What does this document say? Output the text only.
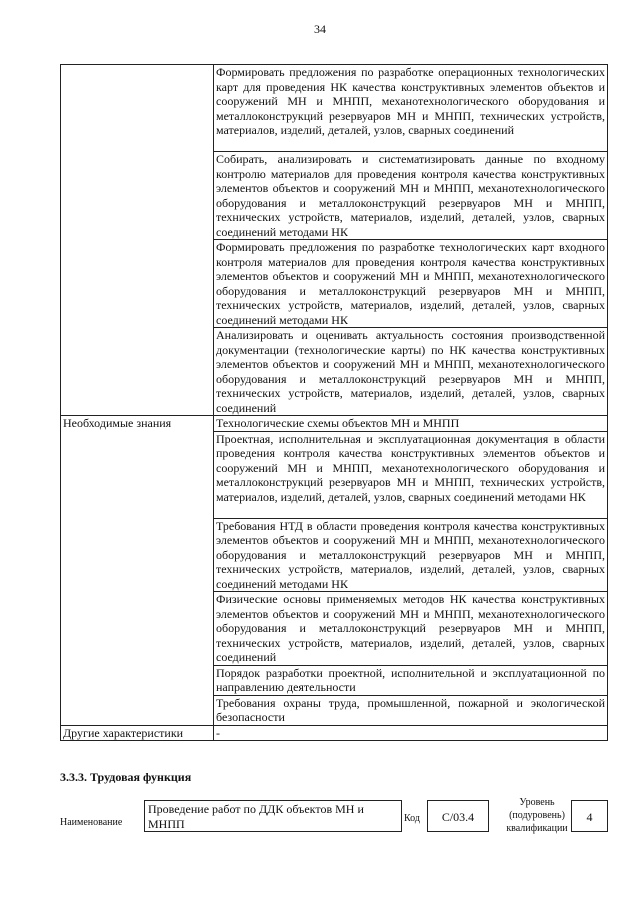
34
	Формировать предложения по разработке операционных технологических карт для проведения НК качества конструктивных элементов объектов и сооружений МН и МНПП, механотехнологического оборудования и металлоконструкций резервуаров МН и МНПП, технических устройств, материалов, изделий, деталей, узлов, сварных соединений
	Собирать, анализировать и систематизировать данные по входному контролю материалов для проведения контроля качества конструктивных элементов объектов и сооружений МН и МНПП, механотехнологического оборудования и металлоконструкций резервуаров МН и МНПП, технических устройств, материалов, изделий, деталей, узлов, сварных соединений методами НК
	Формировать предложения по разработке технологических карт входного контроля материалов для проведения контроля качества конструктивных элементов объектов и сооружений МН и МНПП, механотехнологического оборудования и металлоконструкций резервуаров МН и МНПП, технических устройств, материалов, изделий, деталей, узлов, сварных соединений методами НК
	Анализировать и оценивать актуальность состояния производственной документации (технологические карты) по НК качества конструктивных элементов объектов и сооружений МН и МНПП, механотехнологического оборудования и металлоконструкций резервуаров МН и МНПП, технических устройств, материалов, изделий, деталей, узлов, сварных соединений
Необходимые знания	Технологические схемы объектов МН и МНПП
	Проектная, исполнительная и эксплуатационная документация в области проведения контроля качества конструктивных элементов объектов и сооружений МН и МНПП, механотехнологического оборудования и металлоконструкций резервуаров МН и МНПП, технических устройств, материалов, изделий, деталей, узлов, сварных соединений методами НК
	Требования НТД в области проведения контроля качества конструктивных элементов объектов и сооружений МН и МНПП, механотехнологического оборудования и металлоконструкций резервуаров МН и МНПП, технических устройств, материалов, изделий, деталей, узлов, сварных соединений методами НК
	Физические основы применяемых методов НК качества конструктивных элементов объектов и сооружений МН и МНПП, механотехнологического оборудования и металлоконструкций резервуаров МН и МНПП, технических устройств, материалов, изделий, деталей, узлов, сварных соединений
	Порядок разработки проектной, исполнительной и эксплуатационной по направлению деятельности
	Требования охраны труда, промышленной, пожарной и экологической безопасности
Другие характеристики	-
3.3.3. Трудовая функция
Наименование
Проведение работ по ДДК объектов МН и МНПП	Код	С/03.4
Уровень (подуровень) квалификации
4
